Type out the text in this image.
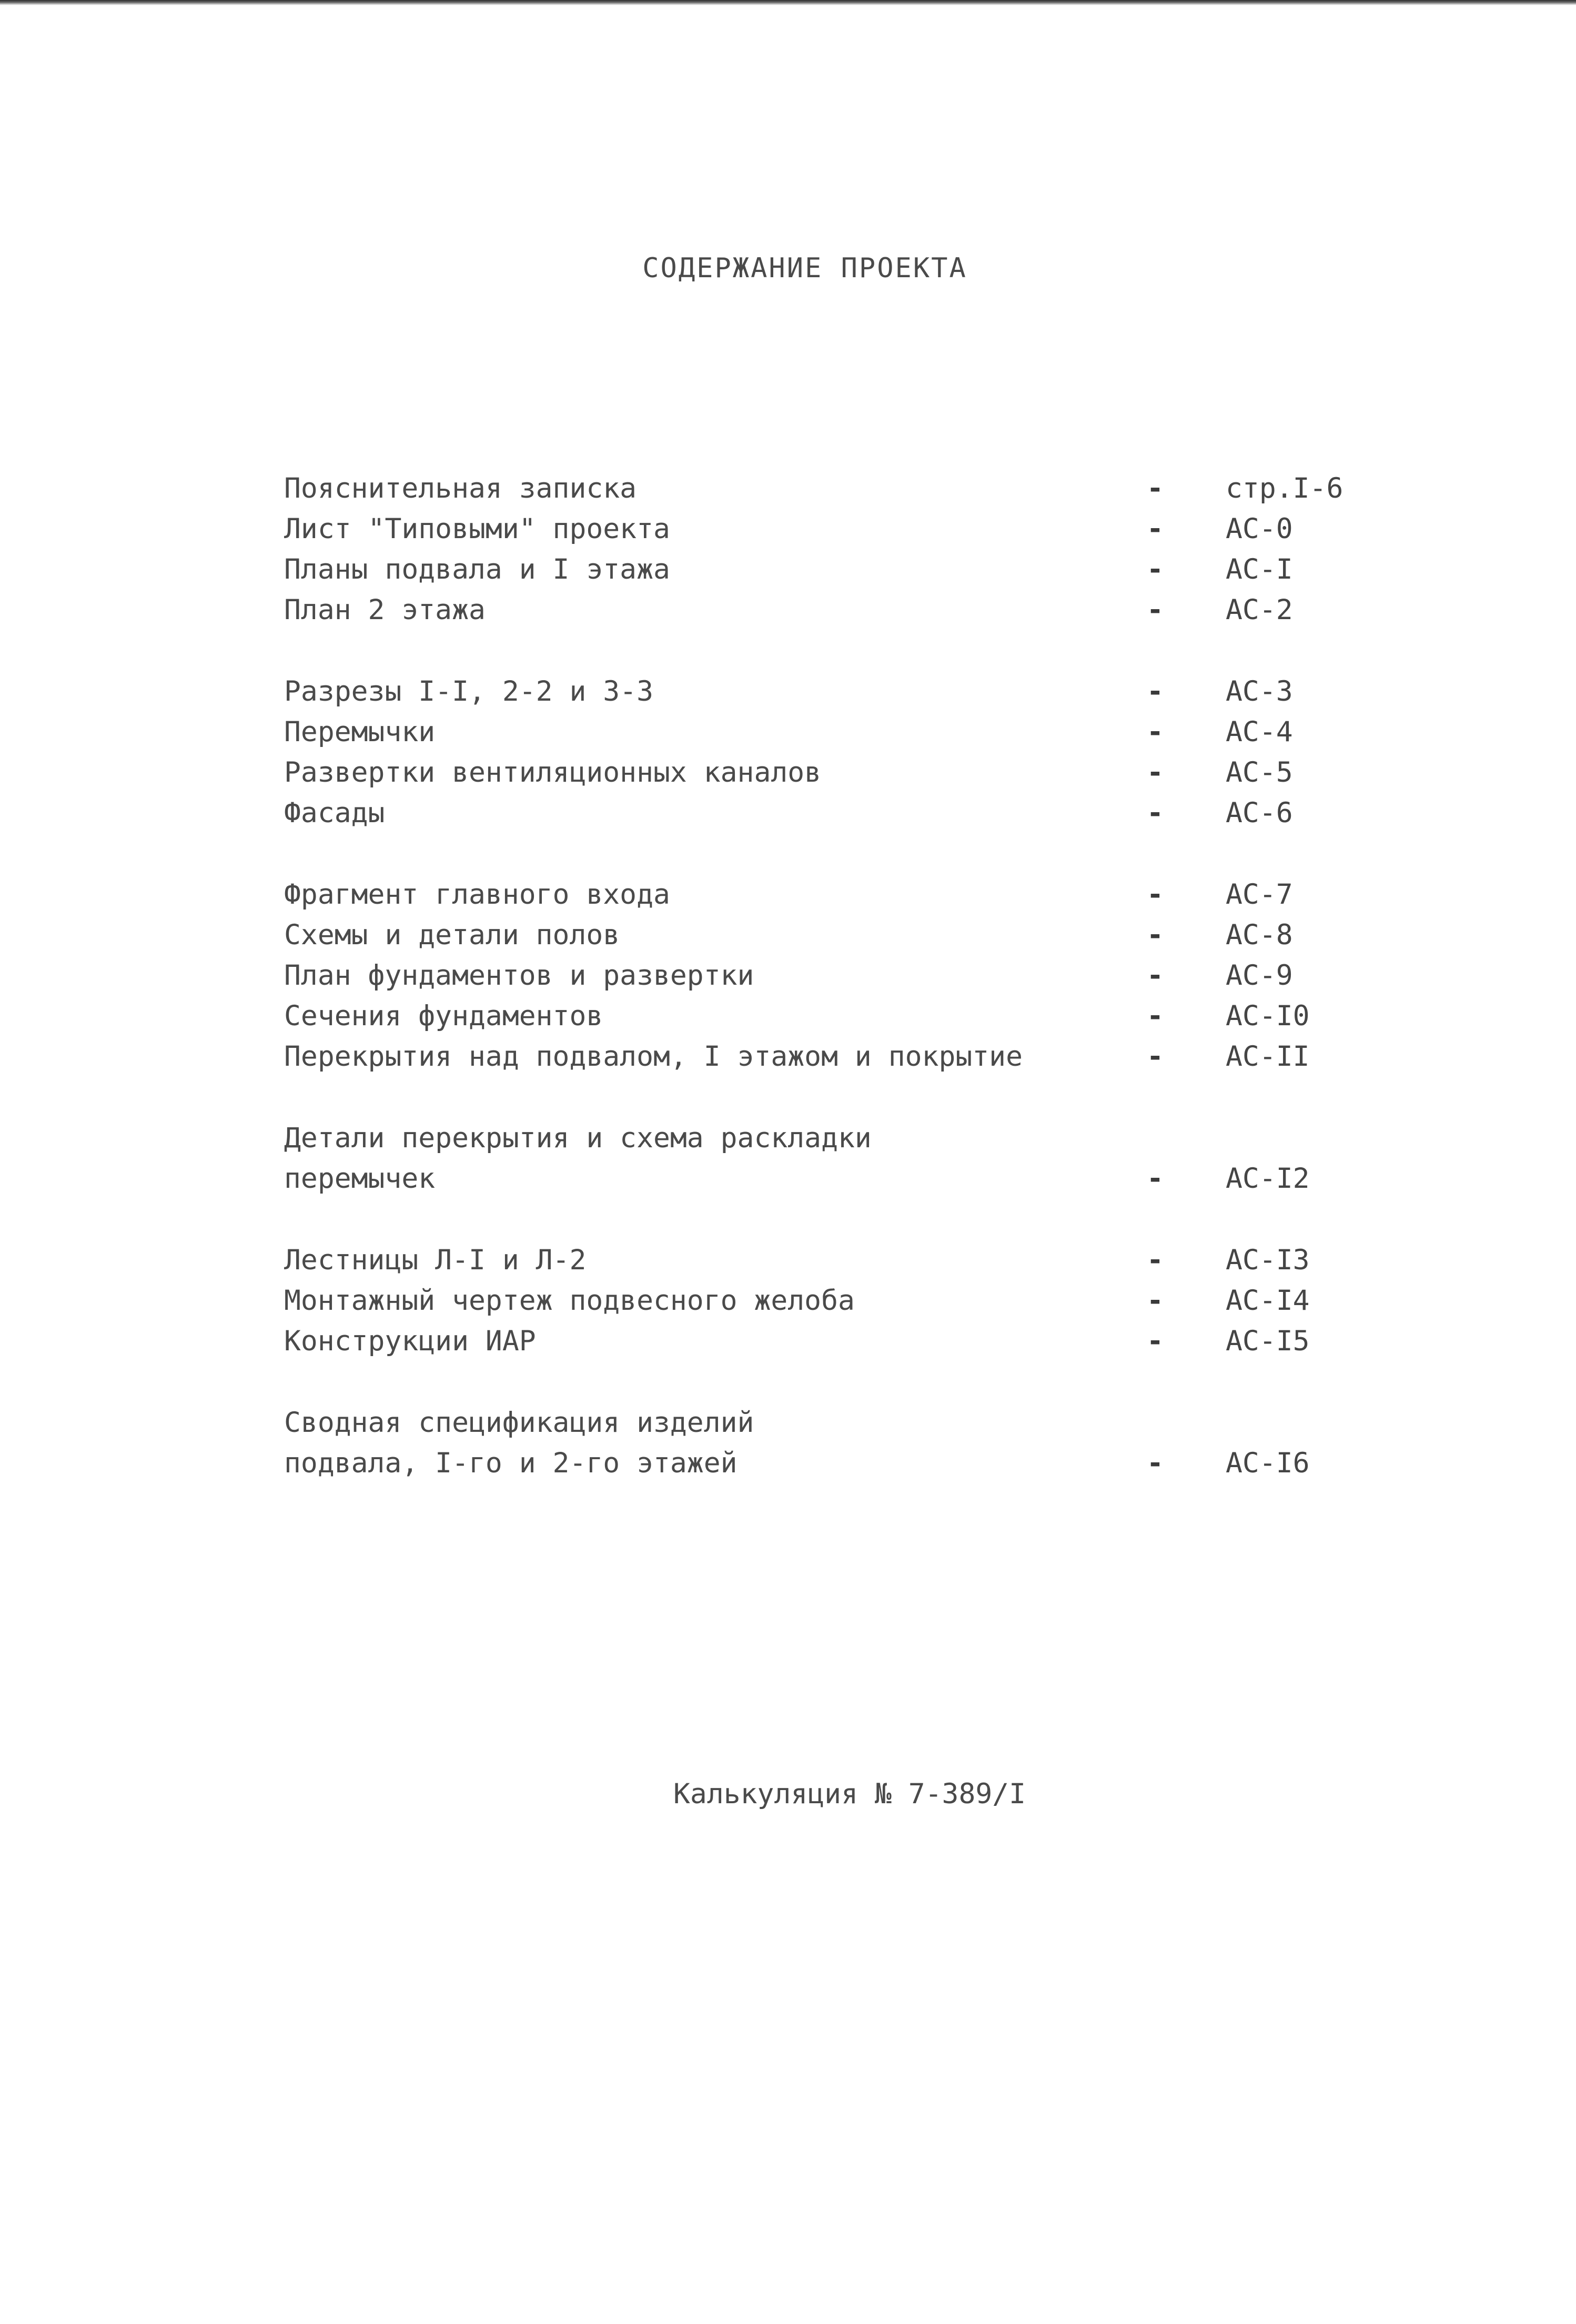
СОДЕРЖАНИЕ ПРОЕКТА
Пояснительная записка	-	стр.I-6
Лист "Типовыми" проекта	-	АС-0
Планы подвала и I этажа	-	АС-I
План 2 этажа	-	АС-2
Разрезы I-I, 2-2 и 3-3	-	АС-3
Перемычки	-	АС-4
Развертки вентиляционных каналов	-	АС-5
Фасады	-	АС-6
Фрагмент главного входа	-	АС-7
Схемы и детали полов	-	АС-8
План фундаментов и развертки	-	АС-9
Сечения фундаментов	-	АС-I0
Перекрытия над подвалом, I этажом и покрытие	-	АС-II
Детали перекрытия и схема раскладки
перемычек	-	АС-I2
Лестницы Л-I и Л-2	-	АС-I3
Монтажный чертеж подвесного желоба	-	АС-I4
Конструкции ИАР	-	АС-I5
Сводная спецификация изделий
подвала, I-го и 2-го этажей	-	АС-I6
Калькуляция № 7-389/I
